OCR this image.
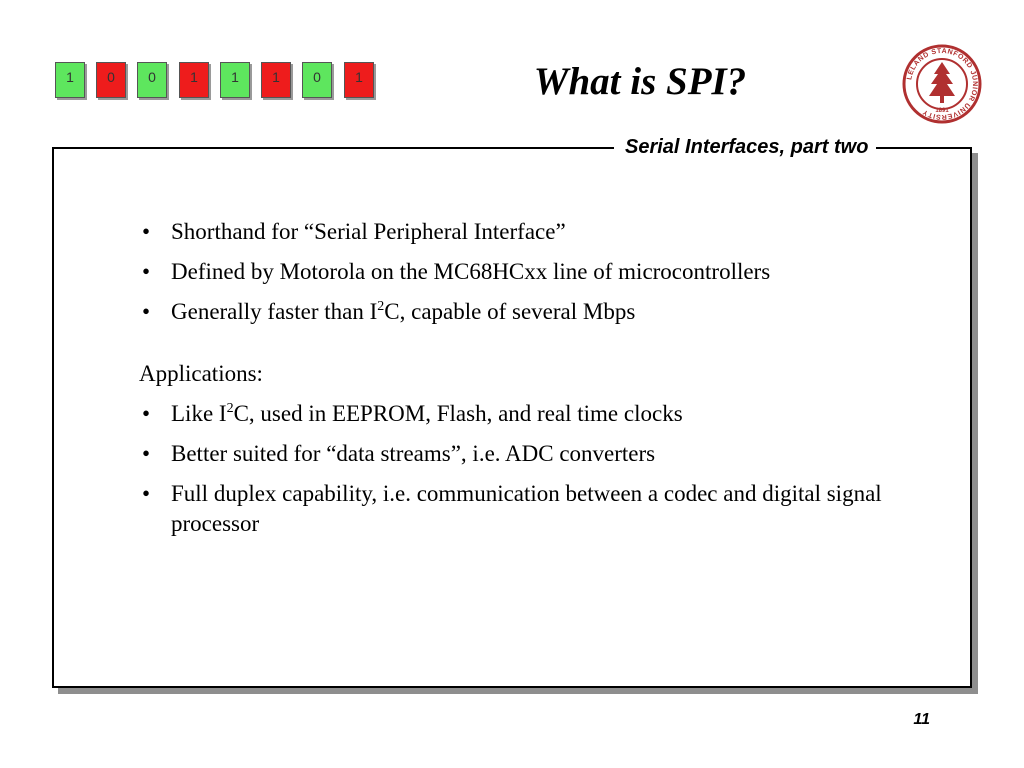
1	0	0	1	1	1	0	1	What is SPI?	LELAND STANFORD JUNIOR UNIVERSITY 1891
Serial Interfaces, part two
• Shorthand for “Serial Peripheral Interface”
• Defined by Motorola on the MC68HCxx line of microcontrollers
• Generally faster than $I^2C$, capable of several Mbps
Applications:
• Like $I^2C$, used in EEPROM, Flash, and real time clocks
• Better suited for “data streams”, i.e. ADC converters
• Full duplex capability, i.e. communication between a codec and digital signal processor
11
